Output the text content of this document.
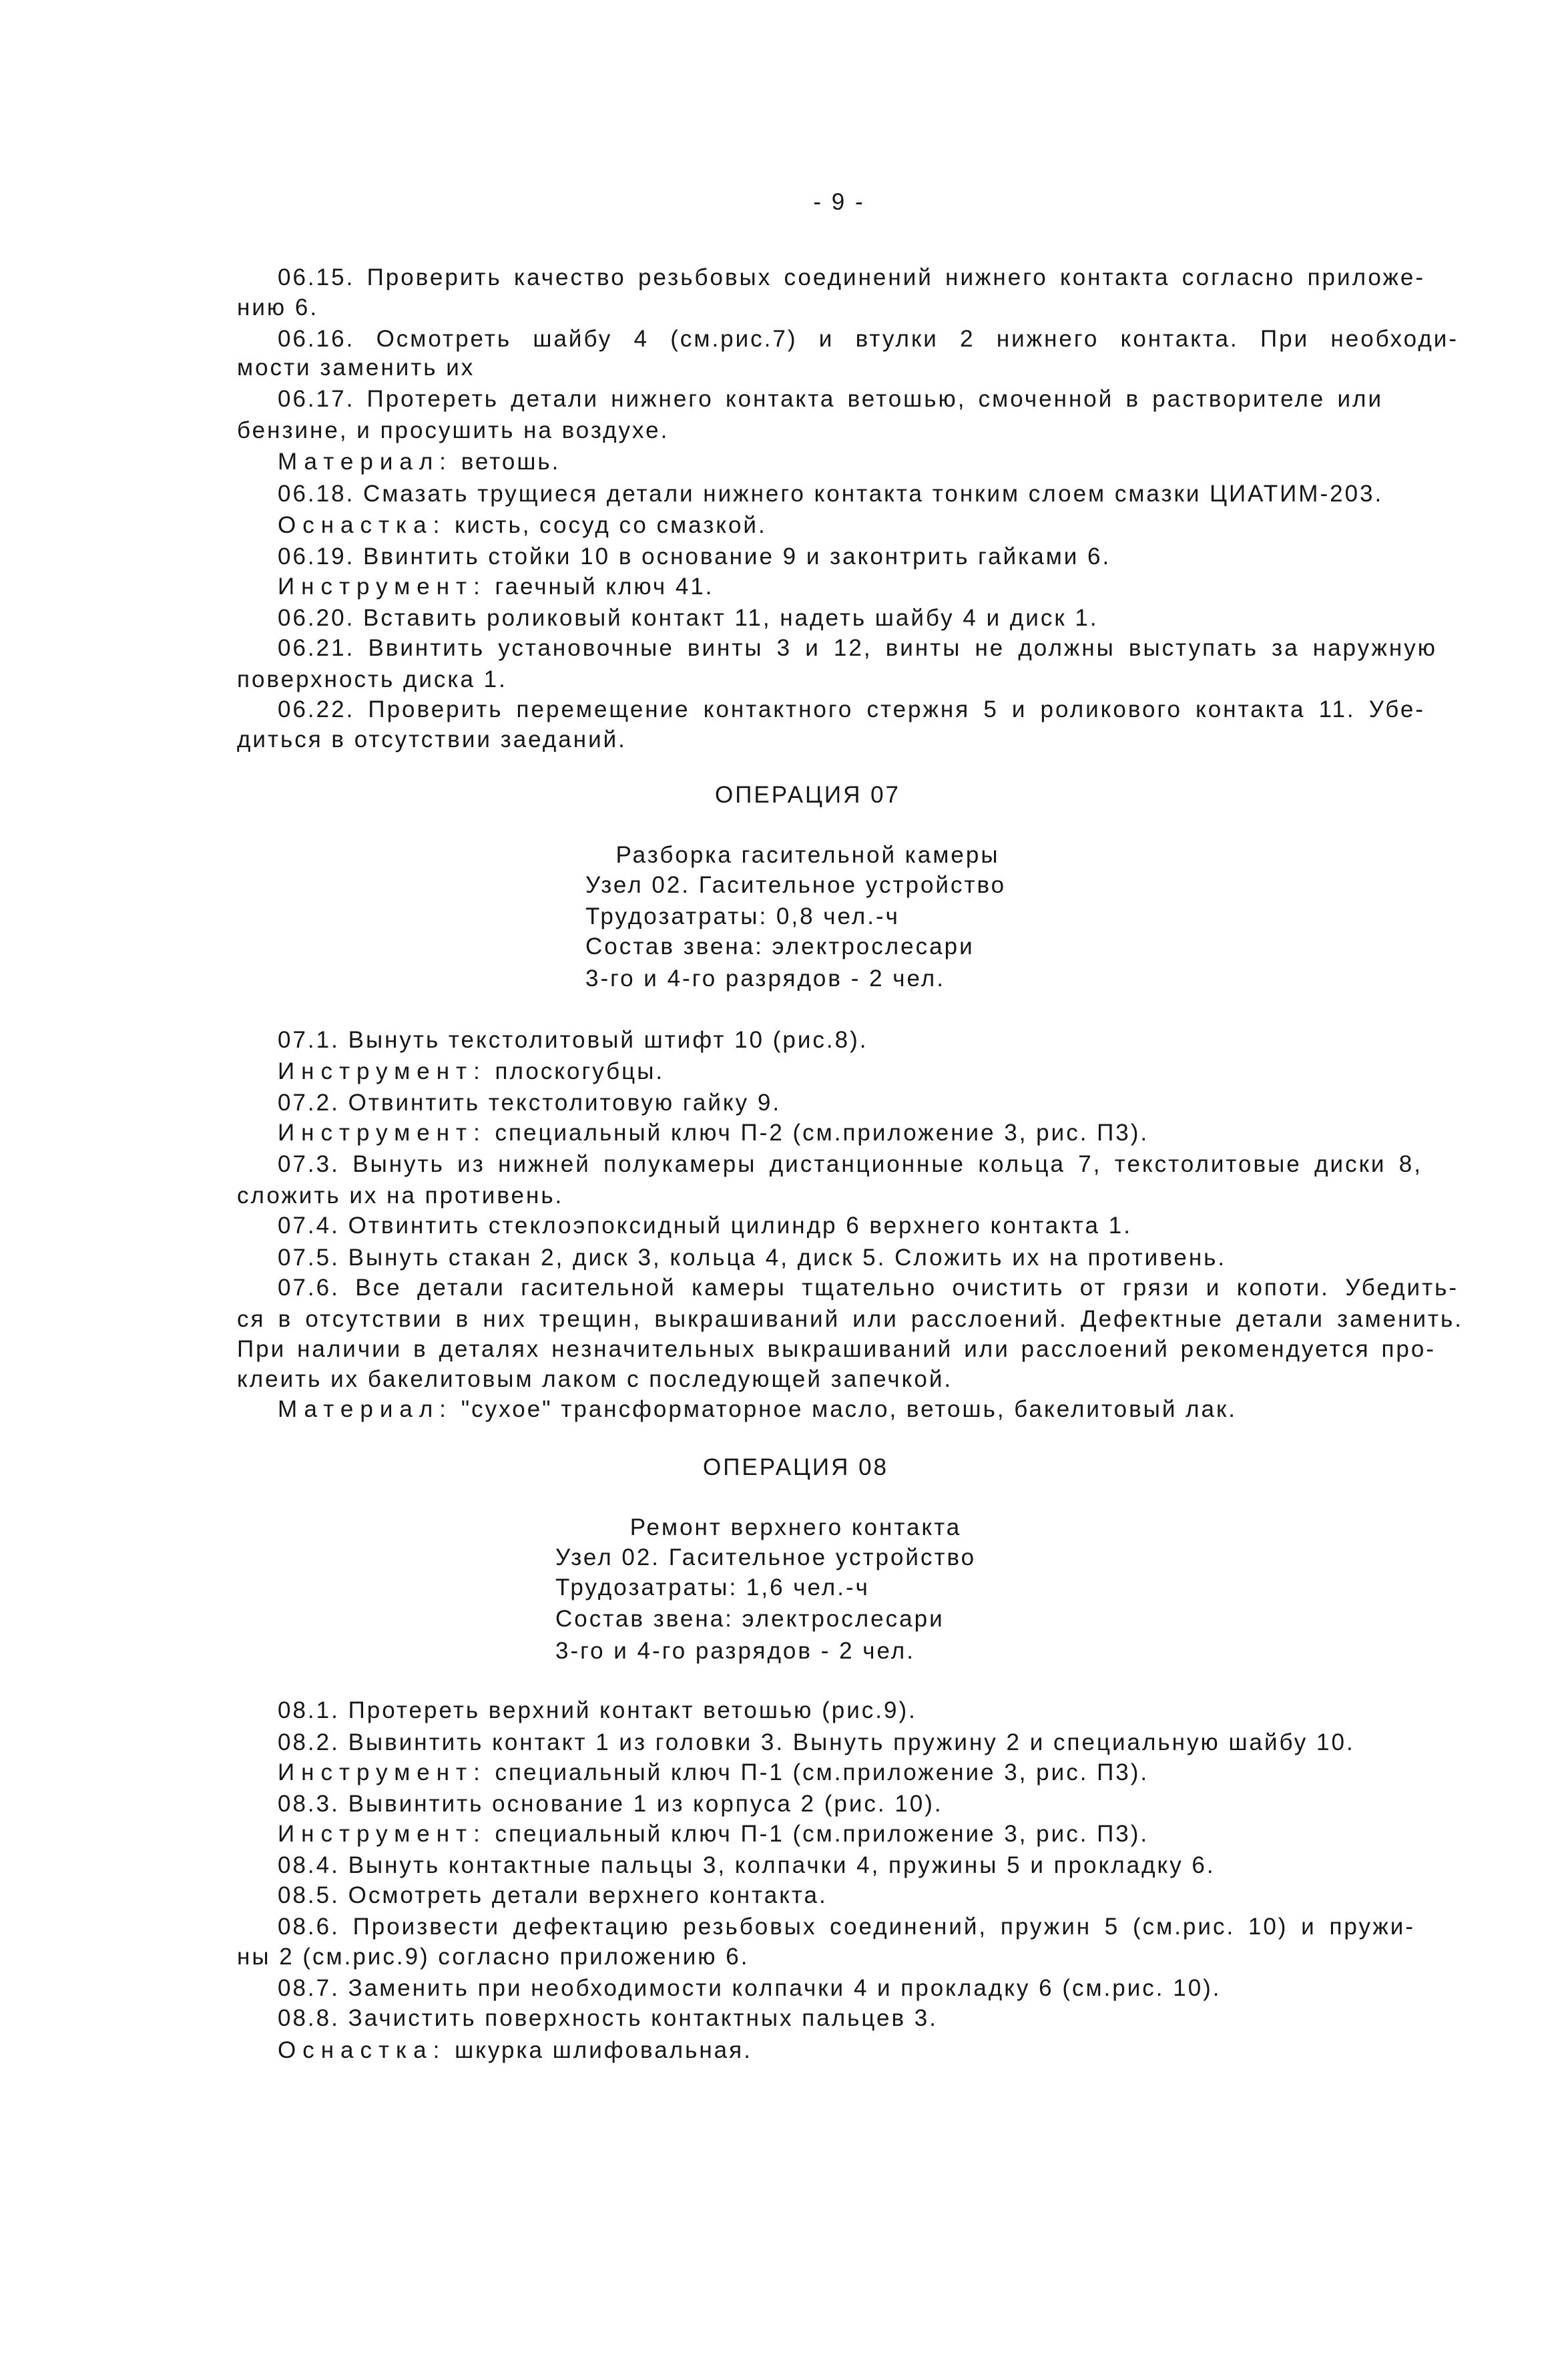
- 9 -
06.15. Проверить качество резьбовых соединений нижнего контакта согласно приложе-
нию 6.
06.16. Осмотреть шайбу 4 (см.рис.7) и втулки 2 нижнего контакта. При необходи-
мости заменить их
06.17. Протереть детали нижнего контакта ветошью, смоченной в растворителе или
бензине, и просушить на воздухе.
Материал: ветошь.
06.18. Смазать трущиеся детали нижнего контакта тонким слоем смазки ЦИАТИМ-203.
Оснастка: кисть, сосуд со смазкой.
06.19. Ввинтить стойки 10 в основание 9 и законтрить гайками 6.
Инструмент: гаечный ключ 41.
06.20. Вставить роликовый контакт 11, надеть шайбу 4 и диск 1.
06.21. Ввинтить установочные винты 3 и 12, винты не должны выступать за наружную
поверхность диска 1.
06.22. Проверить перемещение контактного стержня 5 и роликового контакта 11. Убе-
диться в отсутствии заеданий.
ОПЕРАЦИЯ 07
Разборка гасительной камеры
Узел 02. Гасительное устройство
Трудозатраты: 0,8 чел.-ч
Состав звена: электрослесари
3-го и 4-го разрядов - 2 чел.
07.1. Вынуть текстолитовый штифт 10 (рис.8).
Инструмент: плоскогубцы.
07.2. Отвинтить текстолитовую гайку 9.
Инструмент: специальный ключ П-2 (см.приложение 3, рис. П3).
07.3. Вынуть из нижней полукамеры дистанционные кольца 7, текстолитовые диски 8,
сложить их на противень.
07.4. Отвинтить стеклоэпоксидный цилиндр 6 верхнего контакта 1.
07.5. Вынуть стакан 2, диск 3, кольца 4, диск 5. Сложить их на противень.
07.6. Все детали гасительной камеры тщательно очистить от грязи и копоти. Убедить-
ся в отсутствии в них трещин, выкрашиваний или расслоений. Дефектные детали заменить.
При наличии в деталях незначительных выкрашиваний или расслоений рекомендуется про-
клеить их бакелитовым лаком с последующей запечкой.
Материал: "сухое" трансформаторное масло, ветошь, бакелитовый лак.
ОПЕРАЦИЯ 08
Ремонт верхнего контакта
Узел 02. Гасительное устройство
Трудозатраты: 1,6 чел.-ч
Состав звена: электрослесари
3-го и 4-го разрядов - 2 чел.
08.1. Протереть верхний контакт ветошью (рис.9).
08.2. Вывинтить контакт 1 из головки 3. Вынуть пружину 2 и специальную шайбу 10.
Инструмент: специальный ключ П-1 (см.приложение 3, рис. П3).
08.3. Вывинтить основание 1 из корпуса 2 (рис. 10).
Инструмент: специальный ключ П-1 (см.приложение 3, рис. П3).
08.4. Вынуть контактные пальцы 3, колпачки 4, пружины 5 и прокладку 6.
08.5. Осмотреть детали верхнего контакта.
08.6. Произвести дефектацию резьбовых соединений, пружин 5 (см.рис. 10) и пружи-
ны 2 (см.рис.9) согласно приложению 6.
08.7. Заменить при необходимости колпачки 4 и прокладку 6 (см.рис. 10).
08.8. Зачистить поверхность контактных пальцев 3.
Оснастка: шкурка шлифовальная.
